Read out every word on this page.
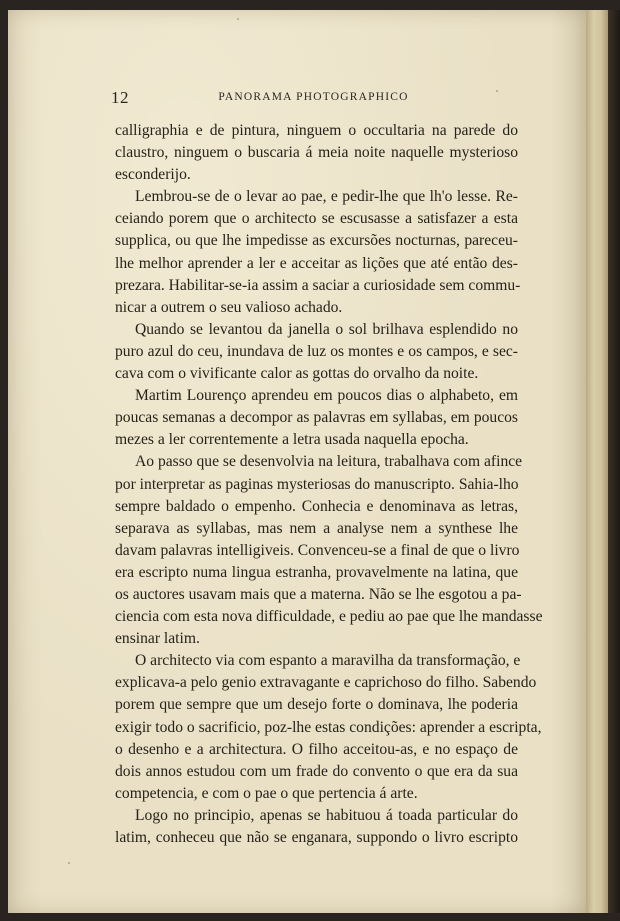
12	PANORAMA PHOTOGRAPHICO
calligraphia e de pintura, ninguem o occultaria na parede do
claustro, ninguem o buscaria á meia noite naquelle mysterioso
esconderijo.
Lembrou-se de o levar ao pae, e pedir-lhe que lh'o lesse. Re-
ceiando porem que o architecto se escusasse a satisfazer a esta
supplica, ou que lhe impedisse as excursões nocturnas, pareceu-
lhe melhor aprender a ler e acceitar as lições que até então des-
prezara. Habilitar-se-ia assim a saciar a curiosidade sem commu-
nicar a outrem o seu valioso achado.
Quando se levantou da janella o sol brilhava esplendido no
puro azul do ceu, inundava de luz os montes e os campos, e sec-
cava com o vivificante calor as gottas do orvalho da noite.
Martim Lourenço aprendeu em poucos dias o alphabeto, em
poucas semanas a decompor as palavras em syllabas, em poucos
mezes a ler correntemente a letra usada naquella epocha.
Ao passo que se desenvolvia na leitura, trabalhava com afince
por interpretar as paginas mysteriosas do manuscripto. Sahia-lho
sempre baldado o empenho. Conhecia e denominava as letras,
separava as syllabas, mas nem a analyse nem a synthese lhe
davam palavras intelligiveis. Convenceu-se a final de que o livro
era escripto numa lingua estranha, provavelmente na latina, que
os auctores usavam mais que a materna. Não se lhe esgotou a pa-
ciencia com esta nova difficuldade, e pediu ao pae que lhe mandasse
ensinar latim.
O architecto via com espanto a maravilha da transformação, e
explicava-a pelo genio extravagante e caprichoso do filho. Sabendo
porem que sempre que um desejo forte o dominava, lhe poderia
exigir todo o sacrificio, poz-lhe estas condições: aprender a escripta,
o desenho e a architectura. O filho acceitou-as, e no espaço de
dois annos estudou com um frade do convento o que era da sua
competencia, e com o pae o que pertencia á arte.
Logo no principio, apenas se habituou á toada particular do
latim, conheceu que não se enganara, suppondo o livro escripto
